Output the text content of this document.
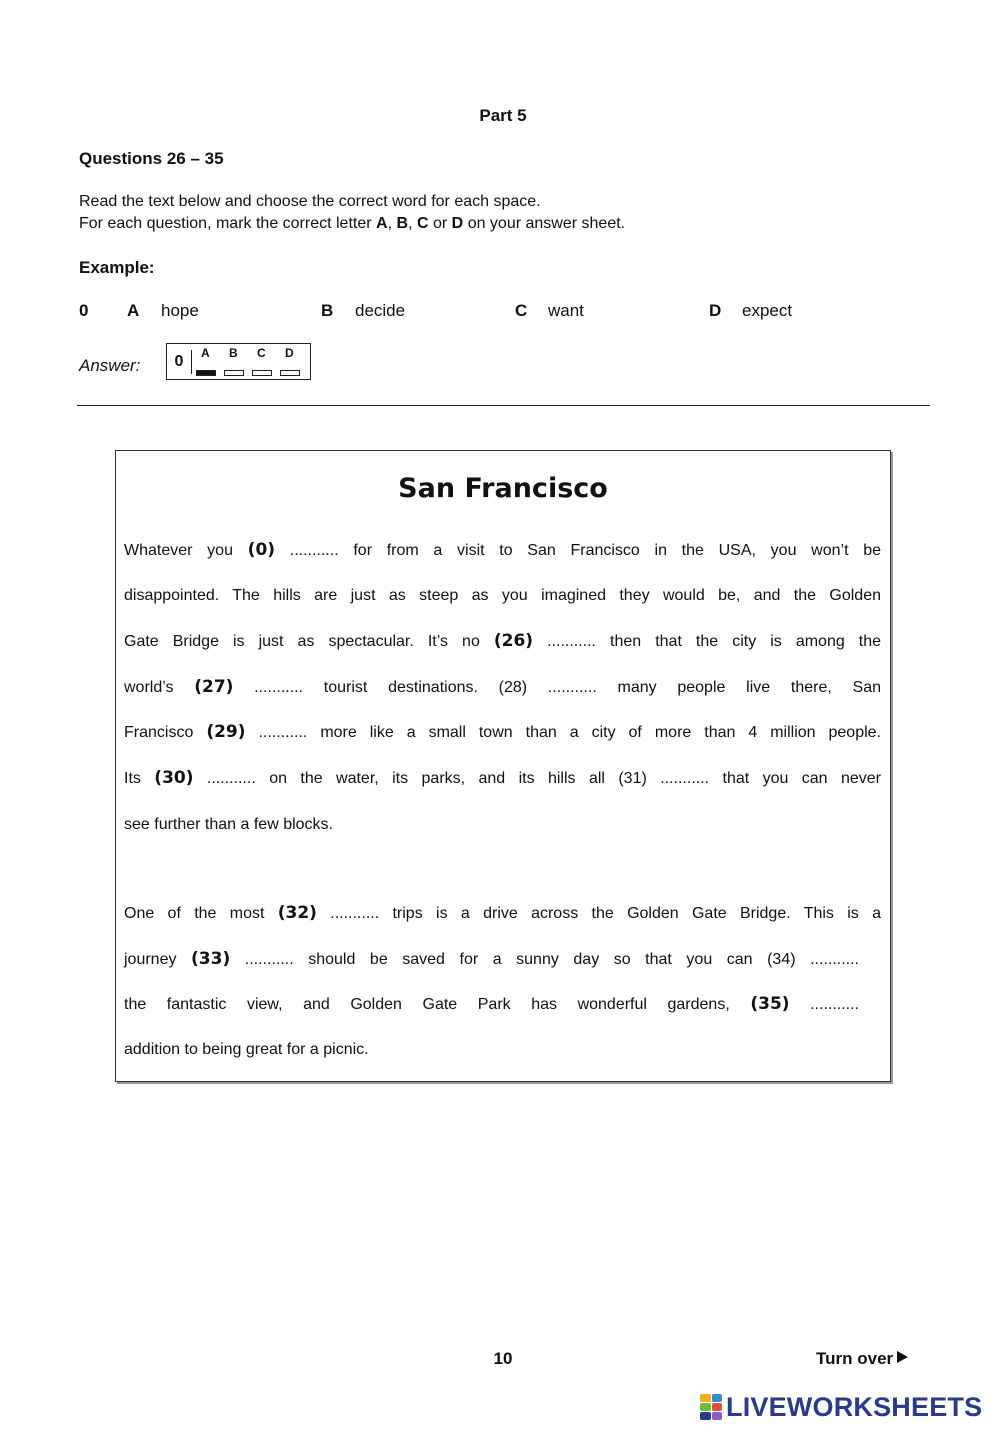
Part 5
Questions 26 – 35
Read the text below and choose the correct word for each space.
For each question, mark the correct letter A, B, C or D on your answer sheet.
Example:
0 A hope	B decide	C want	D expect
Answer:	0	A B C D
San Francisco
Whatever you (0) ........... for from a visit to San Francisco in the USA, you won’t be
disappointed. The hills are just as steep as you imagined they would be, and the Golden
Gate Bridge is just as spectacular. It’s no (26) ........... then that the city is among the
world’s (27) ........... tourist destinations. (28) ........... many people live there, San
Francisco (29) ........... more like a small town than a city of more than 4 million people.
Its (30) ........... on the water, its parks, and its hills all (31) ........... that you can never
see further than a few blocks.
One of the most (32) ........... trips is a drive across the Golden Gate Bridge. This is a
journey (33) ........... should be saved for a sunny day so that you can (34) ...........
the fantastic view, and Golden Gate Park has wonderful gardens, (35) ...........
addition to being great for a picnic.
10	Turn over
LIVEWORKSHEETS
